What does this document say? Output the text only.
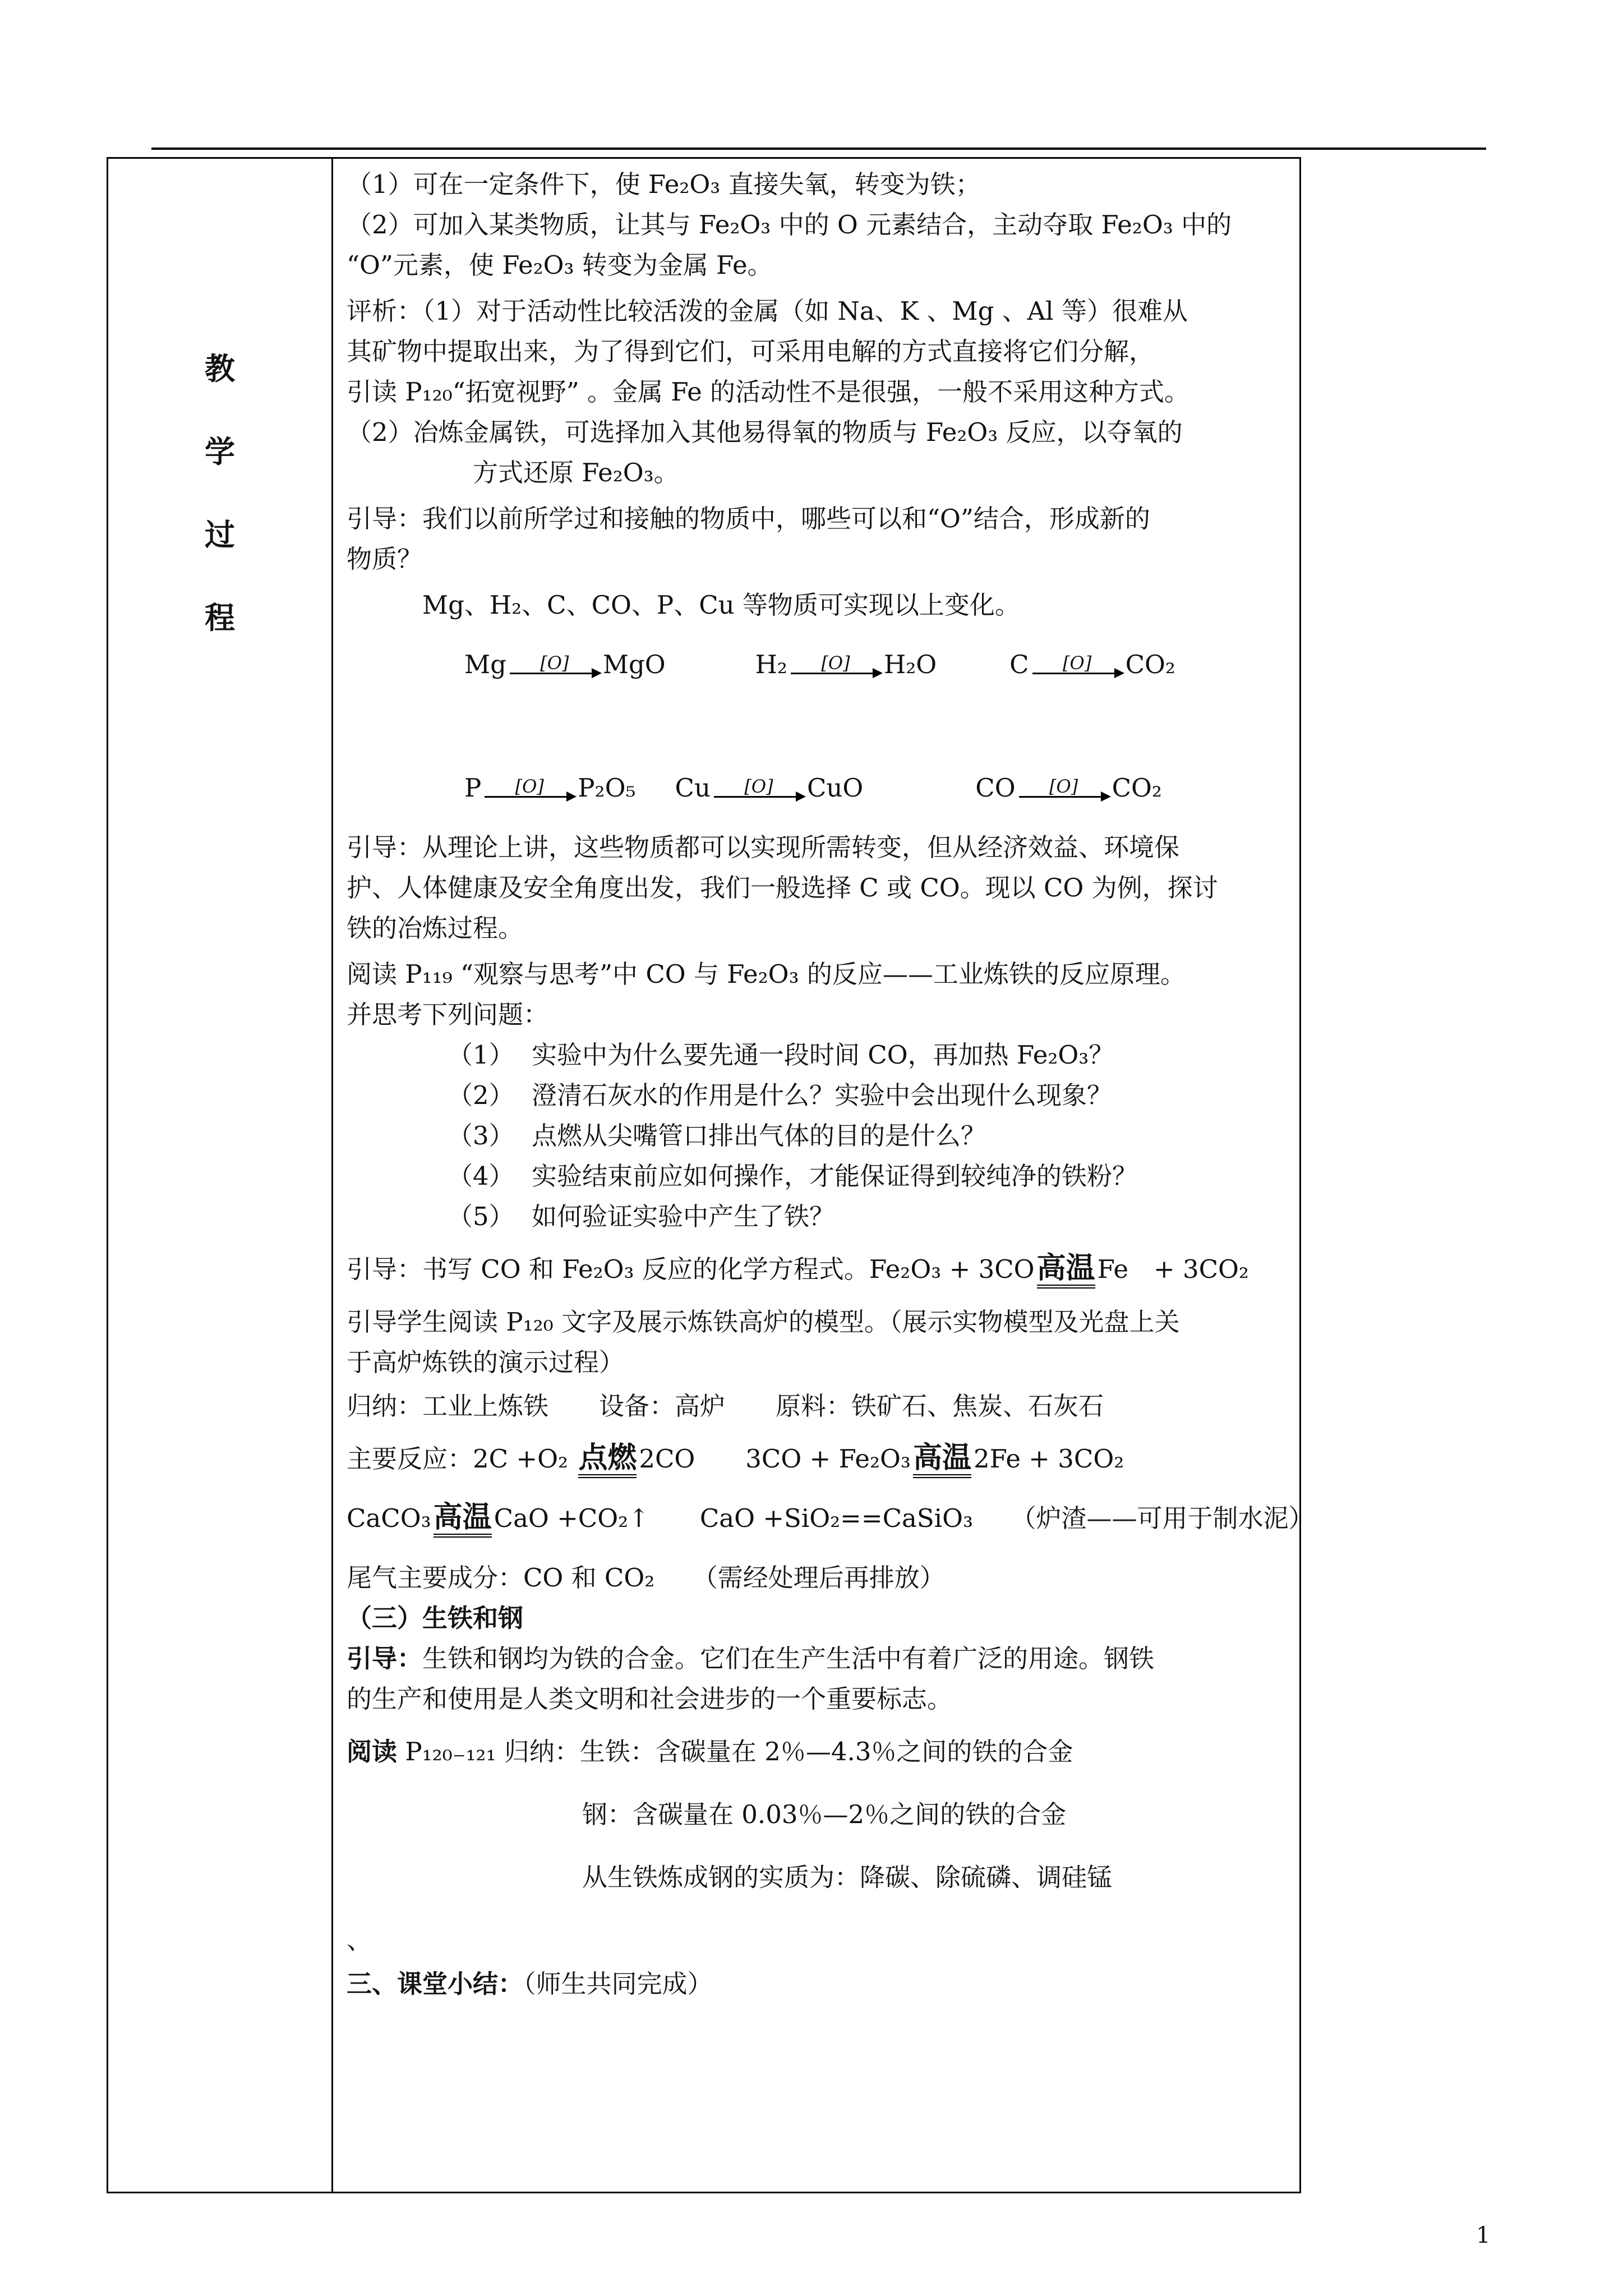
教
学
过
程

（1）可在一定条件下，使 Fe₂O₃ 直接失氧，转变为铁；

（2）可加入某类物质，让其与 Fe₂O₃ 中的 O 元素结合，主动夺取 Fe₂O₃ 中的

“O”元素，使 Fe₂O₃ 转变为金属 Fe。

评析：（1）对于活动性比较活泼的金属（如 Na、K 、Mg 、Al 等）很难从

其矿物中提取出来，为了得到它们，可采用电解的方式直接将它们分解，

引读 P₁₂₀“拓宽视野” 。金属 Fe 的活动性不是很强，一般不采用这种方式。

（2）冶炼金属铁，可选择加入其他易得氧的物质与 Fe₂O₃ 反应，以夺氧的

方式还原 Fe₂O₃。

引导：我们以前所学过和接触的物质中，哪些可以和“O”结合，形成新的

物质？

Mg、H₂、C、CO、P、Cu 等物质可实现以上变化。

Mg [O] MgO	H₂ [O] H₂O	C [O] CO₂
P [O] P₂O₅ Cu [O] CuO	CO [O] CO₂

引导：从理论上讲，这些物质都可以实现所需转变，但从经济效益、环境保

护、人体健康及安全角度出发，我们一般选择 C 或 CO。现以 CO 为例，探讨

铁的冶炼过程。

阅读 P₁₁₉ “观察与思考”中 CO 与 Fe₂O₃ 的反应——工业炼铁的反应原理。

并思考下列问题：

（1） 实验中为什么要先通一段时间 CO，再加热 Fe₂O₃？
（2） 澄清石灰水的作用是什么？实验中会出现什么现象？
（3） 点燃从尖嘴管口排出气体的目的是什么？
（4） 实验结束前应如何操作，才能保证得到较纯净的铁粉？
（5） 如何验证实验中产生了铁？

引导：书写 CO 和 Fe₂O₃ 反应的化学方程式。Fe₂O₃ + 3CO高温Fe　+ 3CO₂

引导学生阅读 P₁₂₀ 文字及展示炼铁高炉的模型。（展示实物模型及光盘上关

于高炉炼铁的演示过程）

归纳：工业上炼铁　　设备：高炉　　原料：铁矿石、焦炭、石灰石

主要反应：2C +O₂ 点燃2CO　　3CO + Fe₂O₃高温2Fe + 3CO₂

CaCO₃高温CaO +CO₂↑　　CaO +SiO₂==CaSiO₃　　（炉渣——可用于制水泥）

尾气主要成分：CO 和 CO₂　　（需经处理后再排放）

（三）生铁和钢

引导：生铁和钢均为铁的合金。它们在生产生活中有着广泛的用途。钢铁

的生产和使用是人类文明和社会进步的一个重要标志。

阅读 P₁₂₀₋₁₂₁ 归纳：生铁：含碳量在 2％—4.3％之间的铁的合金

钢：含碳量在 0.03％—2％之间的铁的合金

从生铁炼成钢的实质为：降碳、除硫磷、调硅锰

、

三、课堂小结：（师生共同完成）

1
